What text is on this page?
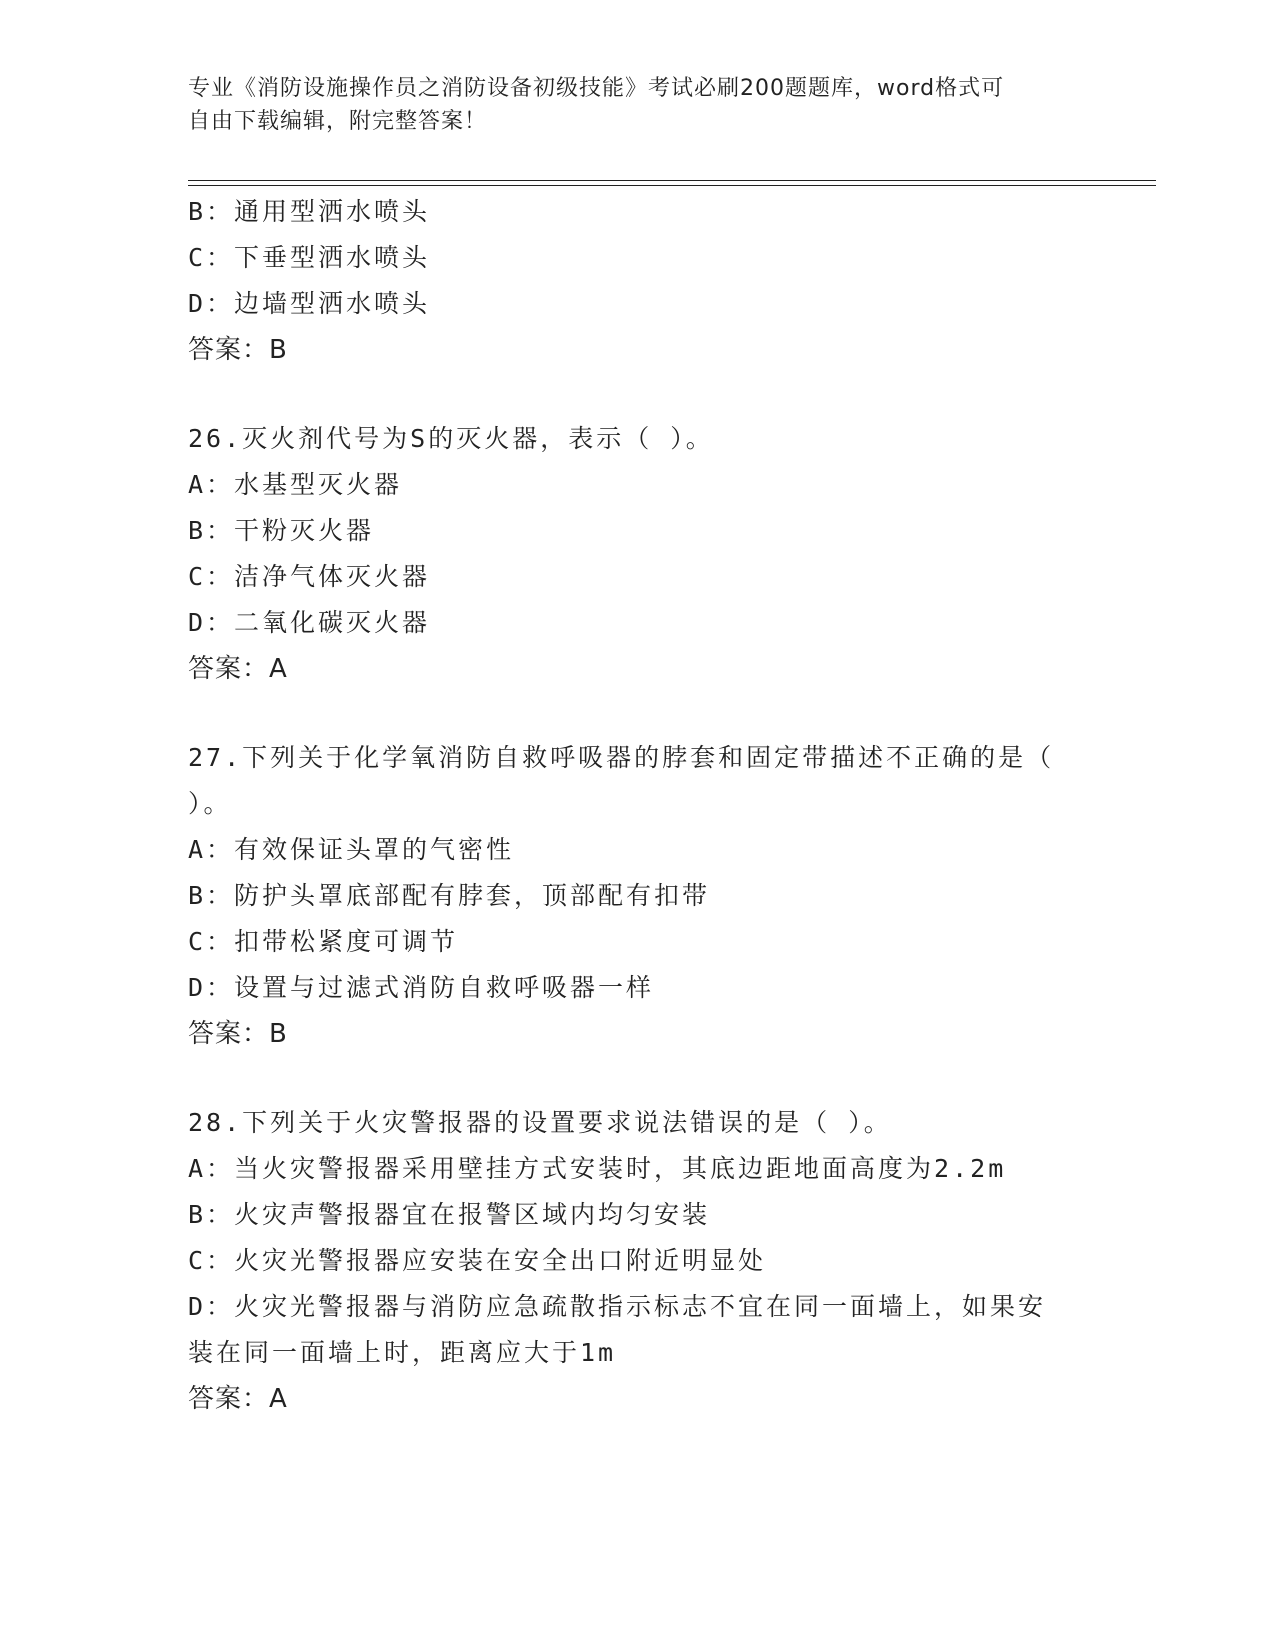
专业《消防设施操作员之消防设备初级技能》考试必刷200题题库，word格式可
自由下载编辑，附完整答案！
B：通用型洒水喷头
C：下垂型洒水喷头
D：边墙型洒水喷头
答案：B
26.灭火剂代号为S的灭火器，表示（ ）。
A：水基型灭火器
B：干粉灭火器
C：洁净气体灭火器
D：二氧化碳灭火器
答案：A
27.下列关于化学氧消防自救呼吸器的脖套和固定带描述不正确的是（
）。
A：有效保证头罩的气密性
B：防护头罩底部配有脖套，顶部配有扣带
C：扣带松紧度可调节
D：设置与过滤式消防自救呼吸器一样
答案：B
28.下列关于火灾警报器的设置要求说法错误的是（ ）。
A：当火灾警报器采用壁挂方式安装时，其底边距地面高度为2.2m
B：火灾声警报器宜在报警区域内均匀安装
C：火灾光警报器应安装在安全出口附近明显处
D：火灾光警报器与消防应急疏散指示标志不宜在同一面墙上，如果安
装在同一面墙上时，距离应大于1m
答案：A
